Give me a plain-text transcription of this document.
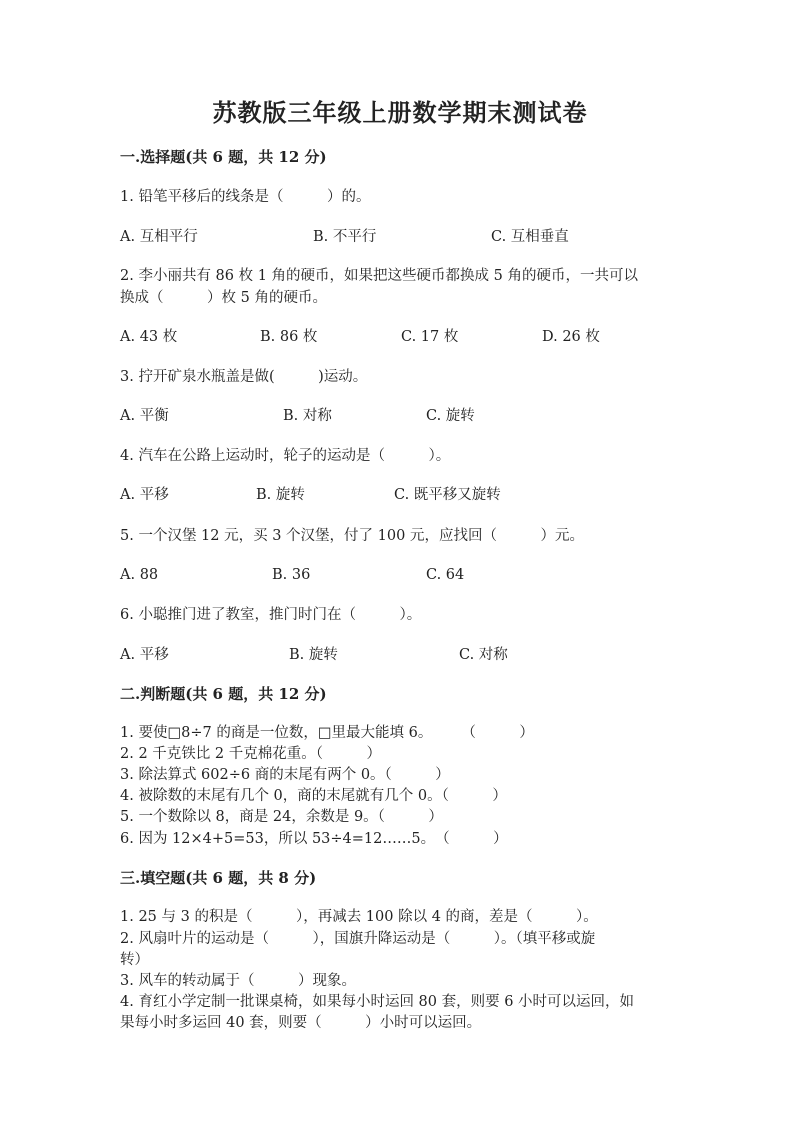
苏教版三年级上册数学期末测试卷
一.选择题(共 6 题，共 12 分)
1. 铅笔平移后的线条是（　　　）的。
A. 互相平行	B. 不平行	C. 互相垂直
2. 李小丽共有 86 枚 1 角的硬币，如果把这些硬币都换成 5 角的硬币，一共可以
换成（　　　）枚 5 角的硬币。
A. 43 枚	B. 86 枚	C. 17 枚	D. 26 枚
3. 拧开矿泉水瓶盖是做(　　　)运动。
A. 平衡	B. 对称	C. 旋转
4. 汽车在公路上运动时，轮子的运动是（　　　）。
A. 平移	B. 旋转	C. 既平移又旋转
5. 一个汉堡 12 元，买 3 个汉堡，付了 100 元，应找回（　　　）元。
A. 88	B. 36	C. 64
6. 小聪推门进了教室，推门时门在（　　　）。
A. 平移	B. 旋转	C. 对称
二.判断题(共 6 题，共 12 分)
1. 要使□8÷7 的商是一位数，□里最大能填 6。　　　（　　　）
2. 2 千克铁比 2 千克棉花重。（　　　）
3. 除法算式 602÷6 商的末尾有两个 0。（　　　）
4. 被除数的末尾有几个 0，商的末尾就有几个 0。（　　　）
5. 一个数除以 8，商是 24，余数是 9。（　　　）
6. 因为 12×4+5=53，所以 53÷4=12……5。　（　　　）
三.填空题(共 6 题，共 8 分)
1. 25 与 3 的积是（　　　），再减去 100 除以 4 的商，差是（　　　）。
2. 风扇叶片的运动是（　　　），国旗升降运动是（　　　）。（填平移或旋
转）
3. 风车的转动属于（　　　）现象。
4. 育红小学定制一批课桌椅，如果每小时运回 80 套，则要 6 小时可以运回，如
果每小时多运回 40 套，则要（　　　）小时可以运回。
